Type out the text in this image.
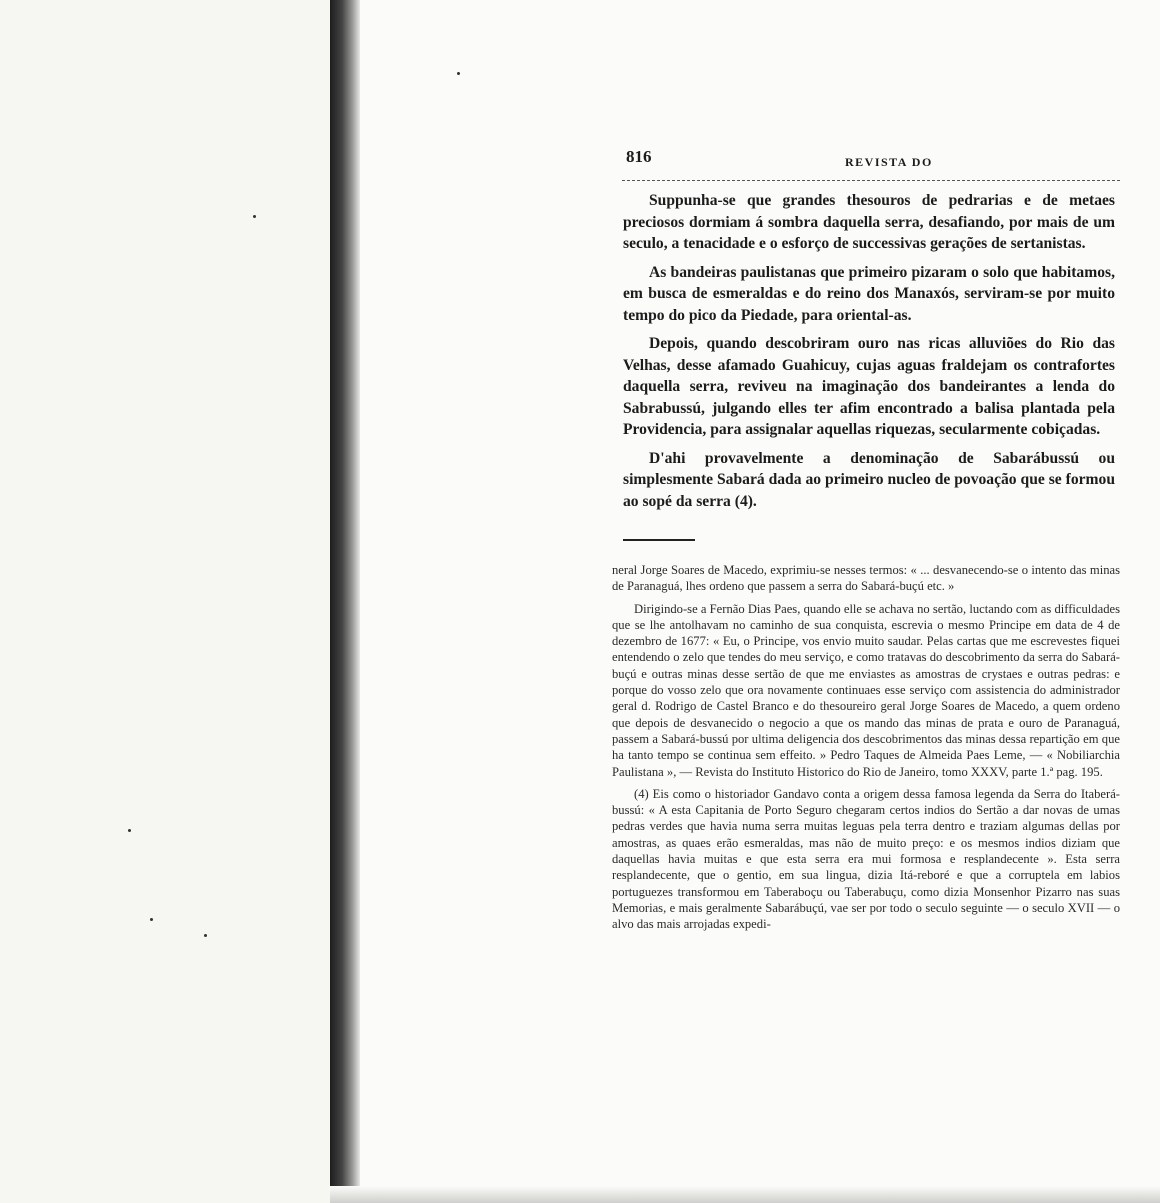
816	REVISTA DO

Suppunha-se que grandes thesouros de pedrarias e de metaes preciosos dormiam á sombra daquella serra, desafiando, por mais de um seculo, a tenacidade e o esforço de successivas gerações de sertanistas.

As bandeiras paulistanas que primeiro pizaram o solo que habitamos, em busca de esmeraldas e do reino dos Manaxós, serviram-se por muito tempo do pico da Piedade, para oriental-as.

Depois, quando descobriram ouro nas ricas alluviões do Rio das Velhas, desse afamado Guahicuy, cujas aguas fraldejam os contrafortes daquella serra, reviveu na imaginação dos bandeirantes a lenda do Sabrabussú, julgando elles ter afim encontrado a balisa plantada pela Providencia, para assignalar aquellas riquezas, secularmente cobiçadas.

D'ahi provavelmente a denominação de Sabarábussú ou simplesmente Sabará dada ao primeiro nucleo de povoação que se formou ao sopé da serra (4).

neral Jorge Soares de Macedo, exprimiu-se nesses termos: « ... desvanecendo-se o intento das minas de Paranaguá, lhes ordeno que passem a serra do Sabará-buçú etc. »

Dirigindo-se a Fernão Dias Paes, quando elle se achava no sertão, luctando com as difficuldades que se lhe antolhavam no caminho de sua conquista, escrevia o mesmo Principe em data de 4 de dezembro de 1677: « Eu, o Principe, vos envio muito saudar. Pelas cartas que me escrevestes fiquei entendendo o zelo que tendes do meu serviço, e como tratavas do descobrimento da serra do Sabará-buçú e outras minas desse sertão de que me enviastes as amostras de crystaes e outras pedras: e porque do vosso zelo que ora novamente continuaes esse serviço com assistencia do administrador geral d. Rodrigo de Castel Branco e do thesoureiro geral Jorge Soares de Macedo, a quem ordeno que depois de desvanecido o negocio a que os mando das minas de prata e ouro de Paranaguá, passem a Sabará-bussú por ultima deligencia dos descobrimentos das minas dessa repartição em que ha tanto tempo se continua sem effeito. » Pedro Taques de Almeida Paes Leme, — « Nobiliarchia Paulistana », — Revista do Instituto Historico do Rio de Janeiro, tomo XXXV, parte 1.ª pag. 195.

(4) Eis como o historiador Gandavo conta a origem dessa famosa legenda da Serra do Itaberá-bussú: « A esta Capitania de Porto Seguro chegaram certos indios do Sertão a dar novas de umas pedras verdes que havia numa serra muitas leguas pela terra dentro e traziam algumas dellas por amostras, as quaes erão esmeraldas, mas não de muito preço: e os mesmos indios diziam que daquellas havia muitas e que esta serra era mui formosa e resplandecente ». Esta serra resplandecente, que o gentio, em sua lingua, dizia Itá-reboré e que a corruptela em labios portuguezes transformou em Taberaboçu ou Taberabuçu, como dizia Monsenhor Pizarro nas suas Memorias, e mais geralmente Sabarábuçú, vae ser por todo o seculo seguinte — o seculo XVII — o alvo das mais arrojadas expedi-
